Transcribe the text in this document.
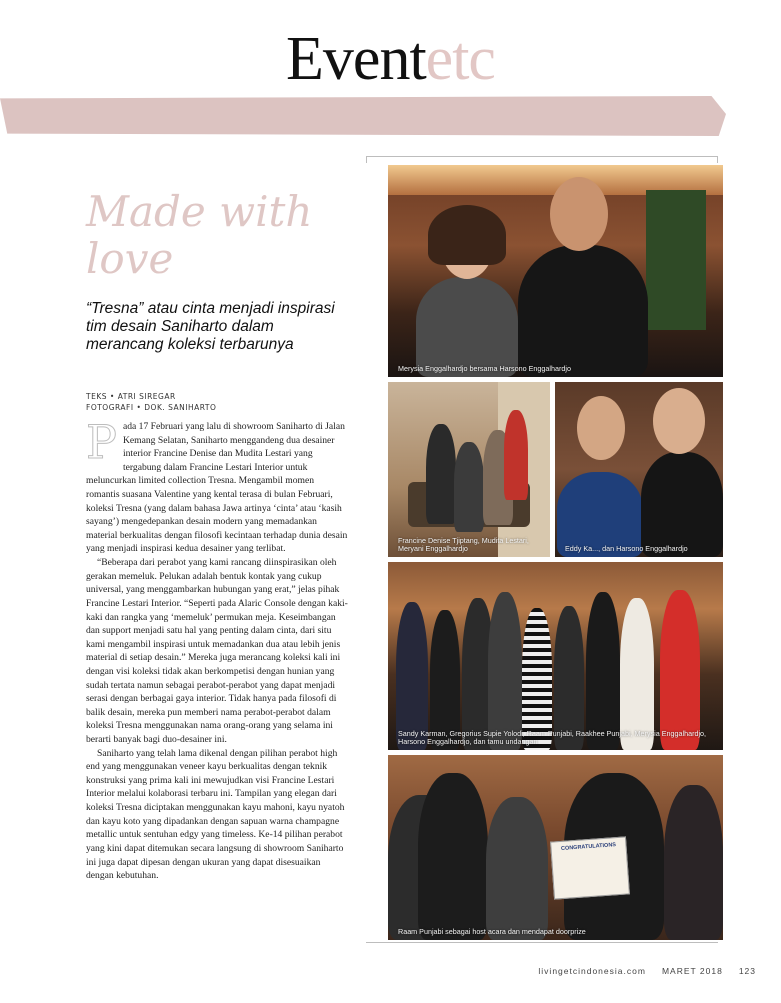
Eventetc
Made with
love
“Tresna” atau cinta menjadi inspirasi tim desain Saniharto dalam merancang koleksi terbarunya
TEKS • ATRI SIREGAR
FOTOGRAFI • DOK. SANIHARTO

Pada 17 Februari yang lalu di showroom Saniharto di Jalan Kemang Selatan, Saniharto menggandeng dua desainer interior Francine Denise dan Mudita Lestari yang tergabung dalam Francine Lestari Interior untuk meluncurkan limited collection Tresna. Mengambil momen romantis suasana Valentine yang kental terasa di bulan Februari, koleksi Tresna (yang dalam bahasa Jawa artinya ‘cinta’ atau ‘kasih sayang’) mengedepankan desain modern yang memadankan material berkualitas dengan filosofi kecintaan terhadap dunia desain yang menjadi inspirasi kedua desainer yang terlibat.

“Beberapa dari perabot yang kami rancang diinspirasikan oleh gerakan memeluk. Pelukan adalah bentuk kontak yang cukup universal, yang menggambarkan hubungan yang erat,” jelas pihak Francine Lestari Interior. “Seperti pada Alaric Console dengan kaki-kaki dan rangka yang ‘memeluk’ permukan meja. Keseimbangan dan support menjadi satu hal yang penting dalam cinta, dari situ kami mengambil inspirasi untuk memadankan dua atau lebih jenis material di setiap desain.” Mereka juga merancang koleksi kali ini dengan visi koleksi tidak akan berkompetisi dengan hunian yang sudah tertata namun sebagai perabot-perabot yang dapat menjadi serasi dengan berbagai gaya interior. Tidak hanya pada filosofi di balik desain, mereka pun memberi nama perabot-perabot dalam koleksi Tresna menggunakan nama orang-orang yang selama ini berarti banyak bagi duo-desainer ini.

Saniharto yang telah lama dikenal dengan pilihan perabot high end yang menggunakan veneer kayu berkualitas dengan teknik konstruksi yang prima kali ini mewujudkan visi Francine Lestari Interior melalui kolaborasi terbaru ini. Tampilan yang elegan dari koleksi Tresna diciptakan menggunakan kayu mahoni, kayu nyatoh dan kayu koto yang dipadankan dengan sapuan warna champagne metallic untuk sentuhan edgy yang timeless. Ke-14 pilihan perabot yang kini dapat ditemukan secara langsung di showroom Saniharto ini juga dapat dipesan dengan ukuran yang dapat disesuaikan dengan kebutuhan.

Merysia Enggalhardjo bersama Harsono Enggalhardjo
Francine Denise Tjiptang, Mudita Lestari, Meryani Enggalhardjo	Eddy Ka..., dan Harsono Enggalhardjo
Sandy Karman, Gregorius Supie Yolodi, Raam Punjabi, Raakhee Punjabi, Merysia Enggalhardjo, Harsono Enggalhardjo, dan tamu undangan
CONGRATULATIONS
Raam Punjabi sebagai host acara dan mendapat doorprize
livingetcindonesia.com MARET 2018 123
